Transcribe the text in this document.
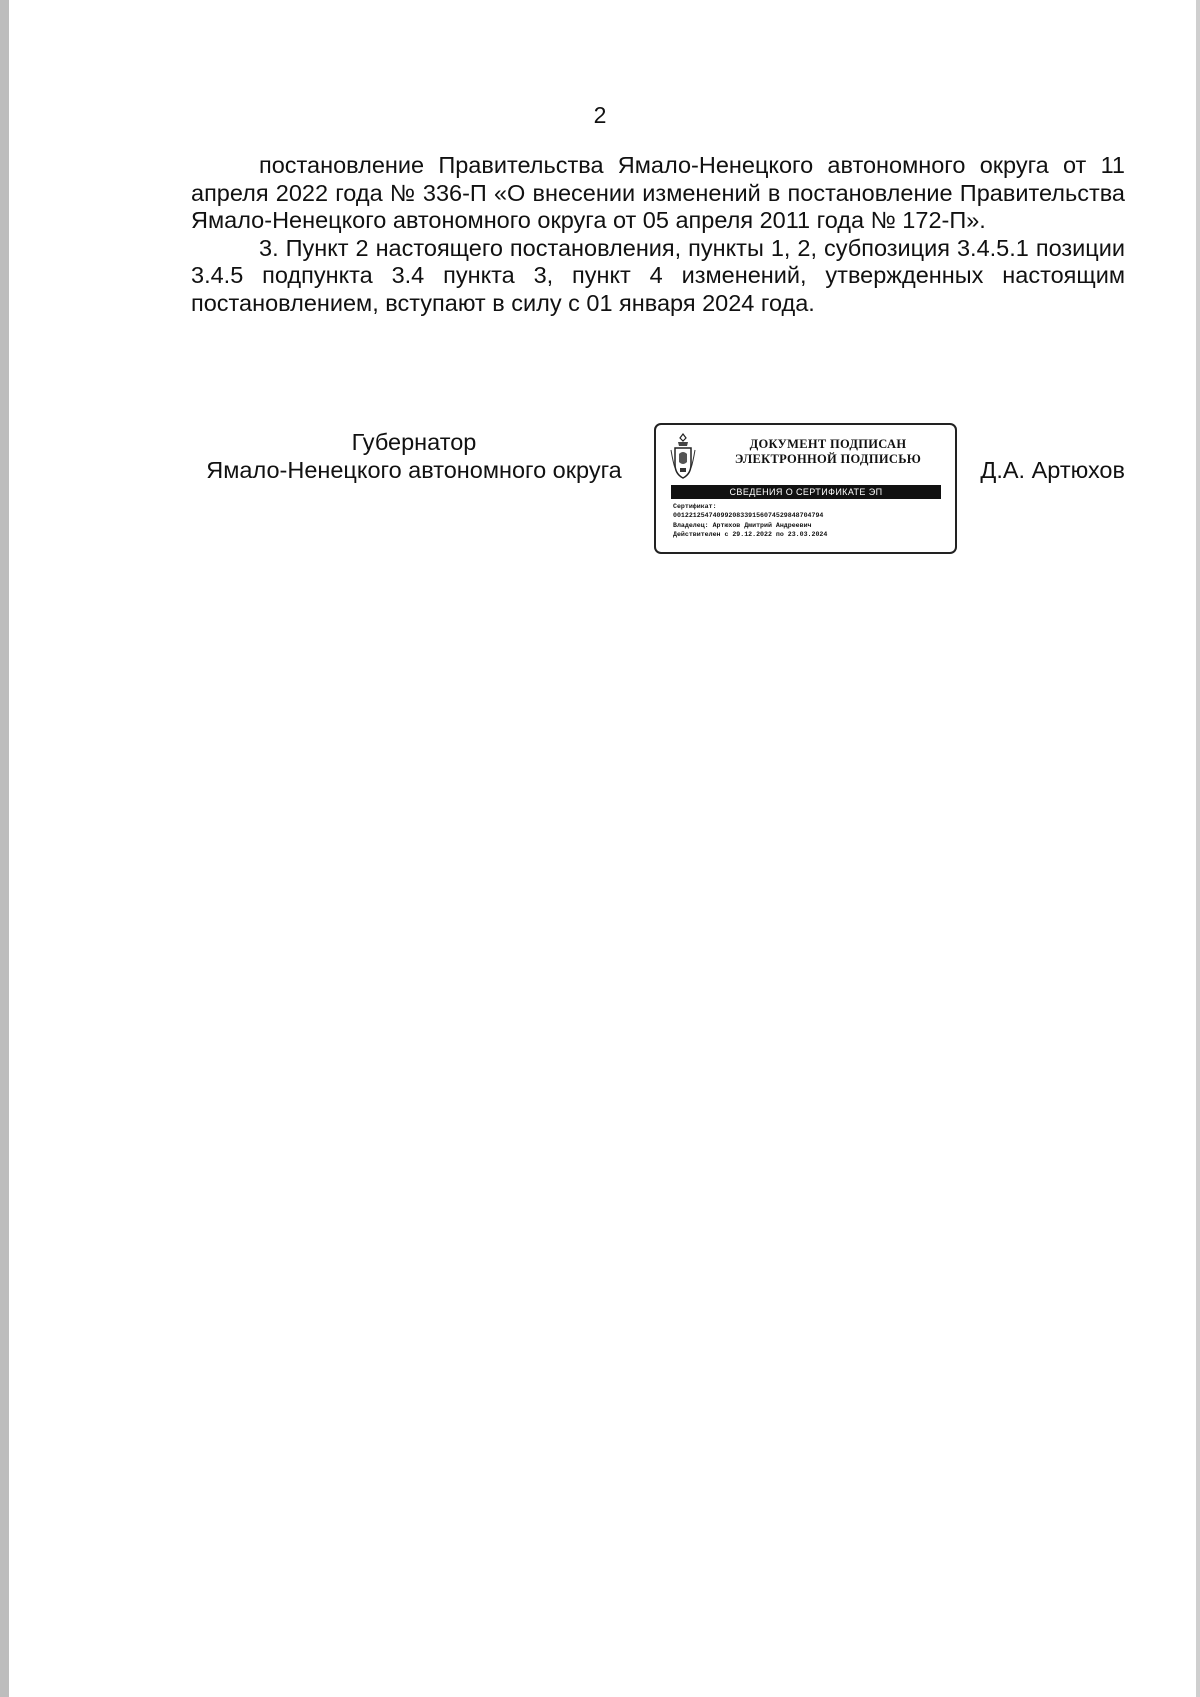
2

постановление Правительства Ямало-Ненецкого автономного округа от 11 апреля 2022 года № 336-П «О внесении изменений в постановление Правительства Ямало-Ненецкого автономного округа от 05 апреля 2011 года № 172-П».

3. Пункт 2 настоящего постановления, пункты 1, 2, субпозиция 3.4.5.1 позиции 3.4.5 подпункта 3.4 пункта 3, пункт 4 изменений, утвержденных настоящим постановлением, вступают в силу с 01 января 2024 года.

Губернатор
Ямало-Ненецкого автономного округа
ДОКУМЕНТ ПОДПИСАН
ЭЛЕКТРОННОЙ ПОДПИСЬЮ
СВЕДЕНИЯ О СЕРТИФИКАТЕ ЭП
Сертификат:
00122125474099208339156074529848704794
Владелец: Артюхов Дмитрий Андреевич
Действителен с 29.12.2022 по 23.03.2024
Д.А. Артюхов
